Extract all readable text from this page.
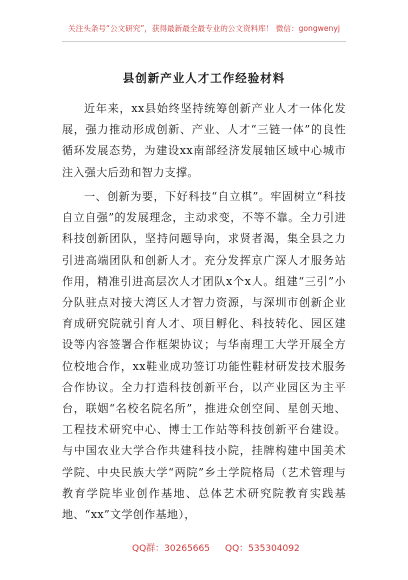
关注头条号“公文研究”，获得最新最全最专业的公文资料库！ 微信：gongwenyj
县创新产业人才工作经验材料

近年来，xx县始终坚持统筹创新产业人才一体化发展，强力推动形成创新、产业、人才“三链一体”的良性循环发展态势，为建设xx南部经济发展轴区域中心城市注入强大后劲和智力支撑。

一、创新为要，下好科技“自立棋”。牢固树立“科技自立自强”的发展理念，主动求变，不等不靠。全力引进科技创新团队，坚持问题导向，求贤者渴，集全县之力引进高端团队和创新人才。充分发挥京广深人才服务站作用，精准引进高层次人才团队x个x人。组建“三引”小分队驻点对接大湾区人才智力资源，与深圳市创新企业育成研究院就引育人才、项目孵化、科技转化、园区建设等内容签署合作框架协议；与华南理工大学开展全方位校地合作，xx鞋业成功签订功能性鞋材研发技术服务合作协议。全力打造科技创新平台，以产业园区为主平台，联姻“名校名院名所”，推进众创空间、星创天地、工程技术研究中心、博士工作站等科技创新平台建设。与中国农业大学合作共建科技小院，挂牌构建中国美术学院、中央民族大学“两院”乡土学院格局（艺术管理与教育学院毕业创作基地、总体艺术研究院教育实践基地、“xx”文学创作基地），

QQ群：30265665 QQ：535304092
